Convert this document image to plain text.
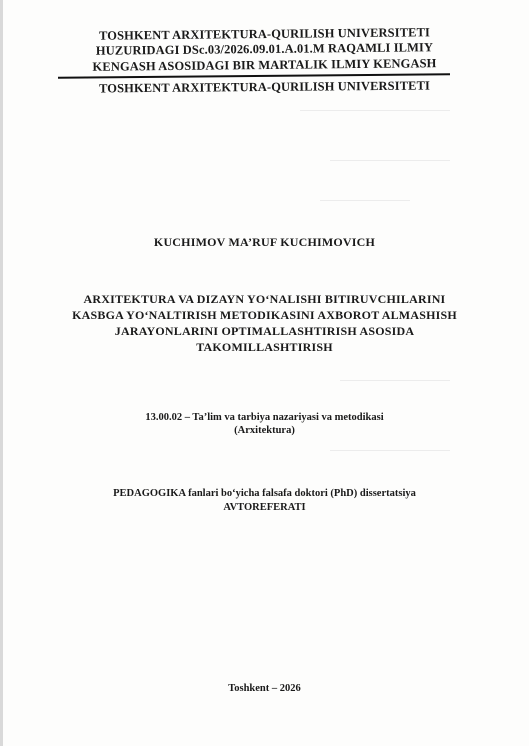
TOSHKENT ARXITEKTURA-QURILISH UNIVERSITETI
HUZURIDAGI DSc.03/2026.09.01.A.01.M RAQAMLI ILMIY
KENGASH ASOSIDAGI BIR MARTALIK ILMIY KENGASH
TOSHKENT ARXITEKTURA-QURILISH UNIVERSITETI
KUCHIMOV MA’RUF KUCHIMOVICH
ARXITEKTURA VA DIZAYN YO‘NALISHI BITIRUVCHILARINI
KASBGA YO‘NALTIRISH METODIKASINI AXBOROT ALMASHISH
JARAYONLARINI OPTIMALLASHTIRISH ASOSIDA
TAKOMILLASHTIRISH
13.00.02 – Ta’lim va tarbiya nazariyasi va metodikasi
(Arxitektura)
PEDAGOGIKA fanlari bo‘yicha falsafa doktori (PhD) dissertatsiya
AVTOREFERATI
Toshkent – 2026
